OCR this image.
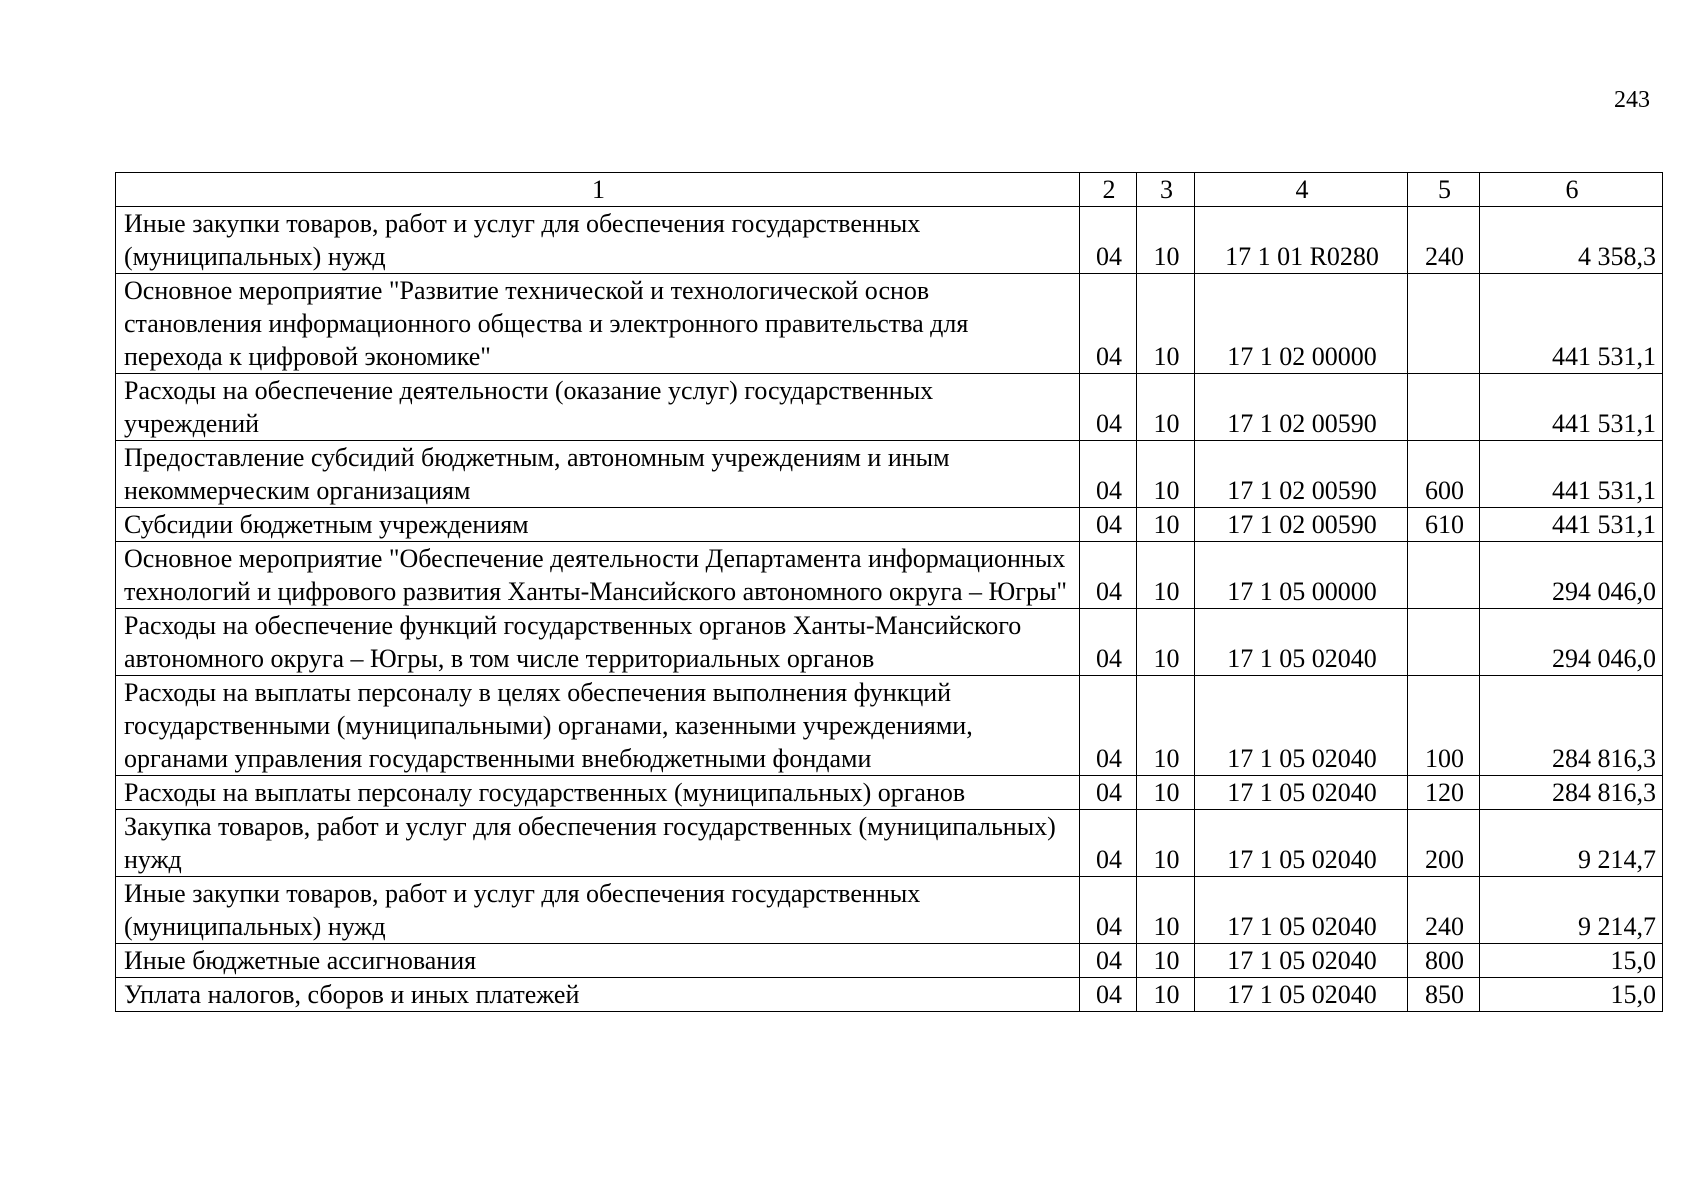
243
1	2	3	4	5	6
Иные закупки товаров, работ и услуг для обеспечения государственных (муниципальных) нужд	04	10	17 1 01 R0280	240	4 358,3
Основное мероприятие "Развитие технической и технологической основ становления информационного общества и электронного правительства для перехода к цифровой экономике"	04	10	17 1 02 00000		441 531,1
Расходы на обеспечение деятельности (оказание услуг) государственных учреждений	04	10	17 1 02 00590		441 531,1
Предоставление субсидий бюджетным, автономным учреждениям и иным некоммерческим организациям	04	10	17 1 02 00590	600	441 531,1
Субсидии бюджетным учреждениям	04	10	17 1 02 00590	610	441 531,1
Основное мероприятие "Обеспечение деятельности Департамента информационных технологий и цифрового развития Ханты-Мансийского автономного округа – Югры"	04	10	17 1 05 00000		294 046,0
Расходы на обеспечение функций государственных органов Ханты-Мансийского автономного округа – Югры, в том числе территориальных органов	04	10	17 1 05 02040		294 046,0
Расходы на выплаты персоналу в целях обеспечения выполнения функций государственными (муниципальными) органами, казенными учреждениями, органами управления государственными внебюджетными фондами	04	10	17 1 05 02040	100	284 816,3
Расходы на выплаты персоналу государственных (муниципальных) органов	04	10	17 1 05 02040	120	284 816,3
Закупка товаров, работ и услуг для обеспечения государственных (муниципальных) нужд	04	10	17 1 05 02040	200	9 214,7
Иные закупки товаров, работ и услуг для обеспечения государственных (муниципальных) нужд	04	10	17 1 05 02040	240	9 214,7
Иные бюджетные ассигнования	04	10	17 1 05 02040	800	15,0
Уплата налогов, сборов и иных платежей	04	10	17 1 05 02040	850	15,0
